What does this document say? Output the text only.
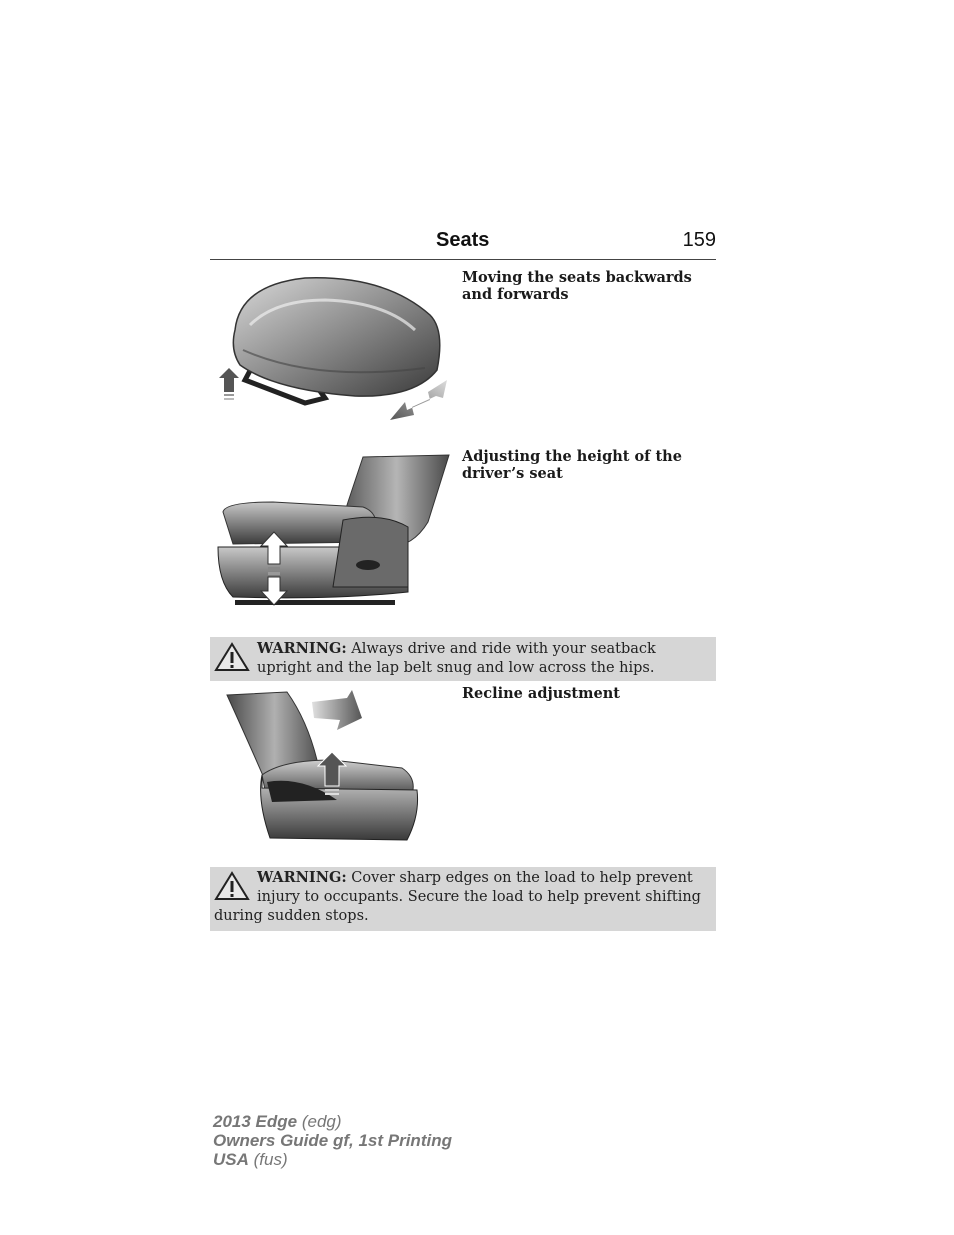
Seats	159
Moving the seats backwards and forwards
Adjusting the height of the driver’s seat
WARNING: Always drive and ride with your seatback upright and the lap belt snug and low across the hips.
Recline adjustment
WARNING: Cover sharp edges on the load to help prevent injury to occupants. Secure the load to help prevent shifting during sudden stops.
2013 Edge (edg)
Owners Guide gf, 1st Printing
USA (fus)
